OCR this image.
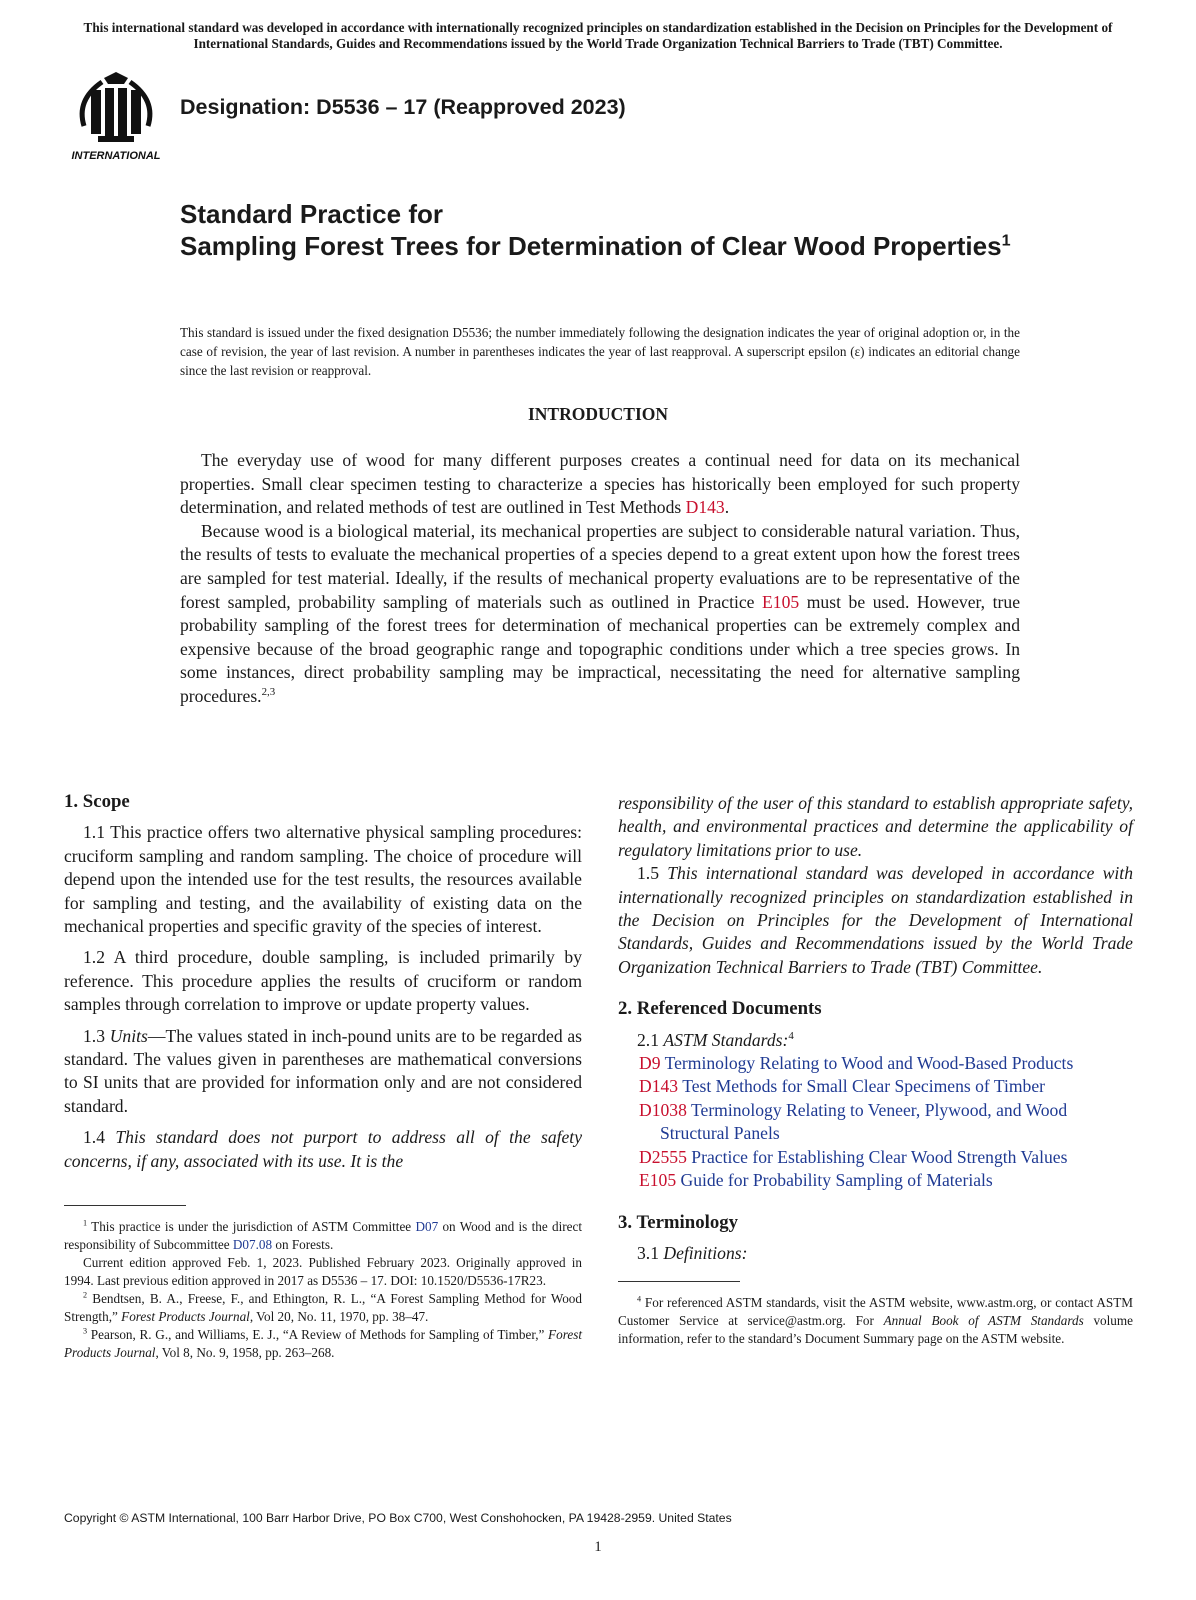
This international standard was developed in accordance with internationally recognized principles on standardization established in the Decision on Principles for the Development of International Standards, Guides and Recommendations issued by the World Trade Organization Technical Barriers to Trade (TBT) Committee.
INTERNATIONAL
Designation: D5536 – 17 (Reapproved 2023)
Standard Practice for
Sampling Forest Trees for Determination of Clear Wood Properties$^1$
This standard is issued under the fixed designation D5536; the number immediately following the designation indicates the year of original adoption or, in the case of revision, the year of last revision. A number in parentheses indicates the year of last reapproval. A superscript epsilon (ε) indicates an editorial change since the last revision or reapproval.
INTRODUCTION

The everyday use of wood for many different purposes creates a continual need for data on its mechanical properties. Small clear specimen testing to characterize a species has historically been employed for such property determination, and related methods of test are outlined in Test Methods D143.

Because wood is a biological material, its mechanical properties are subject to considerable natural variation. Thus, the results of tests to evaluate the mechanical properties of a species depend to a great extent upon how the forest trees are sampled for test material. Ideally, if the results of mechanical property evaluations are to be representative of the forest sampled, probability sampling of materials such as outlined in Practice E105 must be used. However, true probability sampling of the forest trees for determination of mechanical properties can be extremely complex and expensive because of the broad geographic range and topographic conditions under which a tree species grows. In some instances, direct probability sampling may be impractical, necessitating the need for alternative sampling procedures.$^{2,3}$

1. Scope

1.1 This practice offers two alternative physical sampling procedures: cruciform sampling and random sampling. The choice of procedure will depend upon the intended use for the test results, the resources available for sampling and testing, and the availability of existing data on the mechanical properties and specific gravity of the species of interest.

1.2 A third procedure, double sampling, is included primarily by reference. This procedure applies the results of cruciform or random samples through correlation to improve or update property values.

1.3 Units—The values stated in inch-pound units are to be regarded as standard. The values given in parentheses are mathematical conversions to SI units that are provided for information only and are not considered standard.

1.4 This standard does not purport to address all of the safety concerns, if any, associated with its use. It is the

$^1$ This practice is under the jurisdiction of ASTM Committee D07 on Wood and is the direct responsibility of Subcommittee D07.08 on Forests.

Current edition approved Feb. 1, 2023. Published February 2023. Originally approved in 1994. Last previous edition approved in 2017 as D5536 – 17. DOI: 10.1520/D5536-17R23.

$^2$ Bendtsen, B. A., Freese, F., and Ethington, R. L., “A Forest Sampling Method for Wood Strength,” Forest Products Journal, Vol 20, No. 11, 1970, pp. 38–47.

$^3$ Pearson, R. G., and Williams, E. J., “A Review of Methods for Sampling of Timber,” Forest Products Journal, Vol 8, No. 9, 1958, pp. 263–268.

responsibility of the user of this standard to establish appropriate safety, health, and environmental practices and determine the applicability of regulatory limitations prior to use.

1.5 This international standard was developed in accordance with internationally recognized principles on standardization established in the Decision on Principles for the Development of International Standards, Guides and Recommendations issued by the World Trade Organization Technical Barriers to Trade (TBT) Committee.

2. Referenced Documents

2.1 ASTM Standards:$^4$

D9 Terminology Relating to Wood and Wood-Based Products

D143 Test Methods for Small Clear Specimens of Timber

D1038 Terminology Relating to Veneer, Plywood, and Wood Structural Panels

D2555 Practice for Establishing Clear Wood Strength Values

E105 Guide for Probability Sampling of Materials

3. Terminology

3.1 Definitions:

$^4$ For referenced ASTM standards, visit the ASTM website, www.astm.org, or contact ASTM Customer Service at service@astm.org. For Annual Book of ASTM Standards volume information, refer to the standard’s Document Summary page on the ASTM website.

Copyright © ASTM International, 100 Barr Harbor Drive, PO Box C700, West Conshohocken, PA 19428-2959. United States
1
